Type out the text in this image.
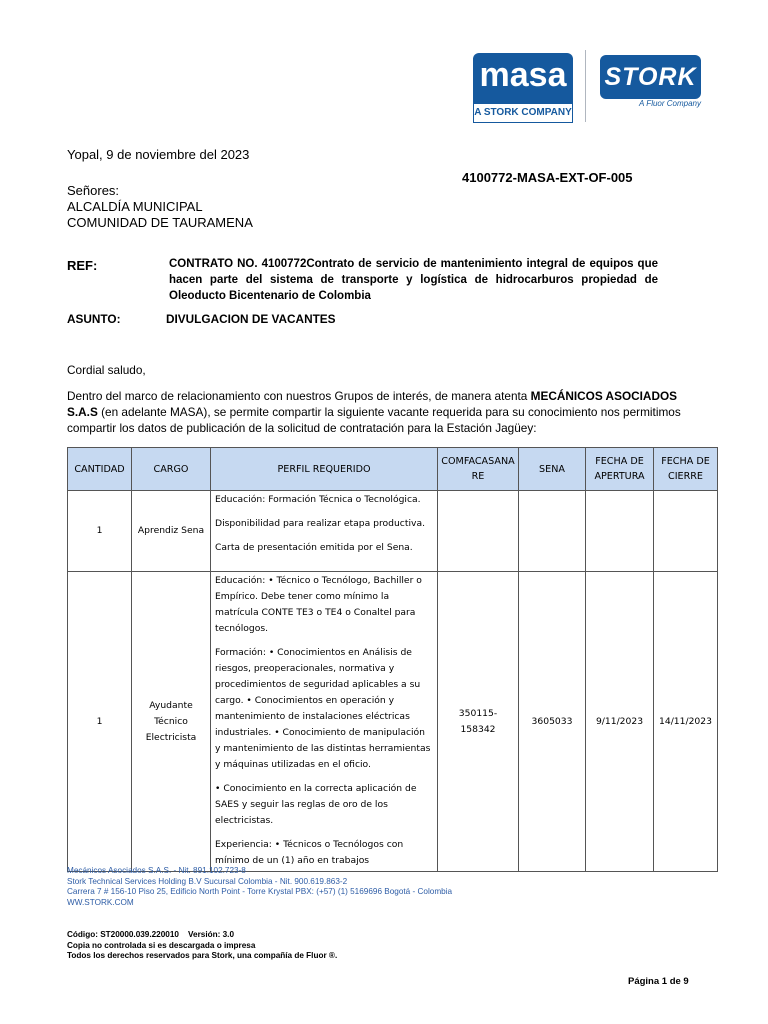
masa
A STORK COMPANY
STORK
A Fluor Company
Yopal, 9 de noviembre del 2023
4100772-MASA-EXT-OF-005
Señores:
ALCALDÍA MUNICIPAL
COMUNIDAD DE TAURAMENA
REF:	CONTRATO NO. 4100772Contrato de servicio de mantenimiento integral de equipos que hacen parte del sistema de transporte y logística de hidrocarburos propiedad de Oleoducto Bicentenario de Colombia
ASUNTO:	DIVULGACION DE VACANTES
Cordial saludo,
Dentro del marco de relacionamiento con nuestros Grupos de interés, de manera atenta MECÁNICOS ASOCIADOS S.A.S (en adelante MASA), se permite compartir la siguiente vacante requerida para su conocimiento nos permitimos compartir los datos de publicación de la solicitud de contratación para la Estación Jagüey:
CANTIDAD	CARGO	PERFIL REQUERIDO	COMFACASANA RE	SENA	FECHA DE APERTURA	FECHA DE CIERRE
1	Aprendiz Sena	Educación: Formación Técnica o Tecnológica.

Disponibilidad para realizar etapa productiva.

Carta de presentación emitida por el Sena.				

1	Ayudante Técnico Electricista	Educación: • Técnico o Tecnólogo, Bachiller o Empírico. Debe tener como mínimo la matrícula CONTE TE3 o TE4 o Conaltel para tecnólogos.

Formación: • Conocimientos en Análisis de riesgos, preoperacionales, normativa y procedimientos de seguridad aplicables a su cargo. • Conocimientos en operación y mantenimiento de instalaciones eléctricas industriales. • Conocimiento de manipulación y mantenimiento de las distintas herramientas y máquinas utilizadas en el oficio.

• Conocimiento en la correcta aplicación de SAES y seguir las reglas de oro de los electricistas.

Experiencia: • Técnicos o Tecnólogos con mínimo de un (1) año en trabajos	350115-158342	3605033	9/11/2023	14/11/2023
Mecánicos Asociados S.A.S. - Nit. 891.102.723-8
Stork Technical Services Holding B.V Sucursal Colombia - Nit. 900.619.863-2
Carrera 7 # 156-10 Piso 25, Edificio North Point - Torre Krystal PBX: (+57) (1) 5169696 Bogotá - Colombia
WW.STORK.COM
Código: ST20000.039.220010    Versión: 3.0
Copia no controlada si es descargada o impresa
Todos los derechos reservados para Stork, una compañía de Fluor ®.
Página 1 de 9
